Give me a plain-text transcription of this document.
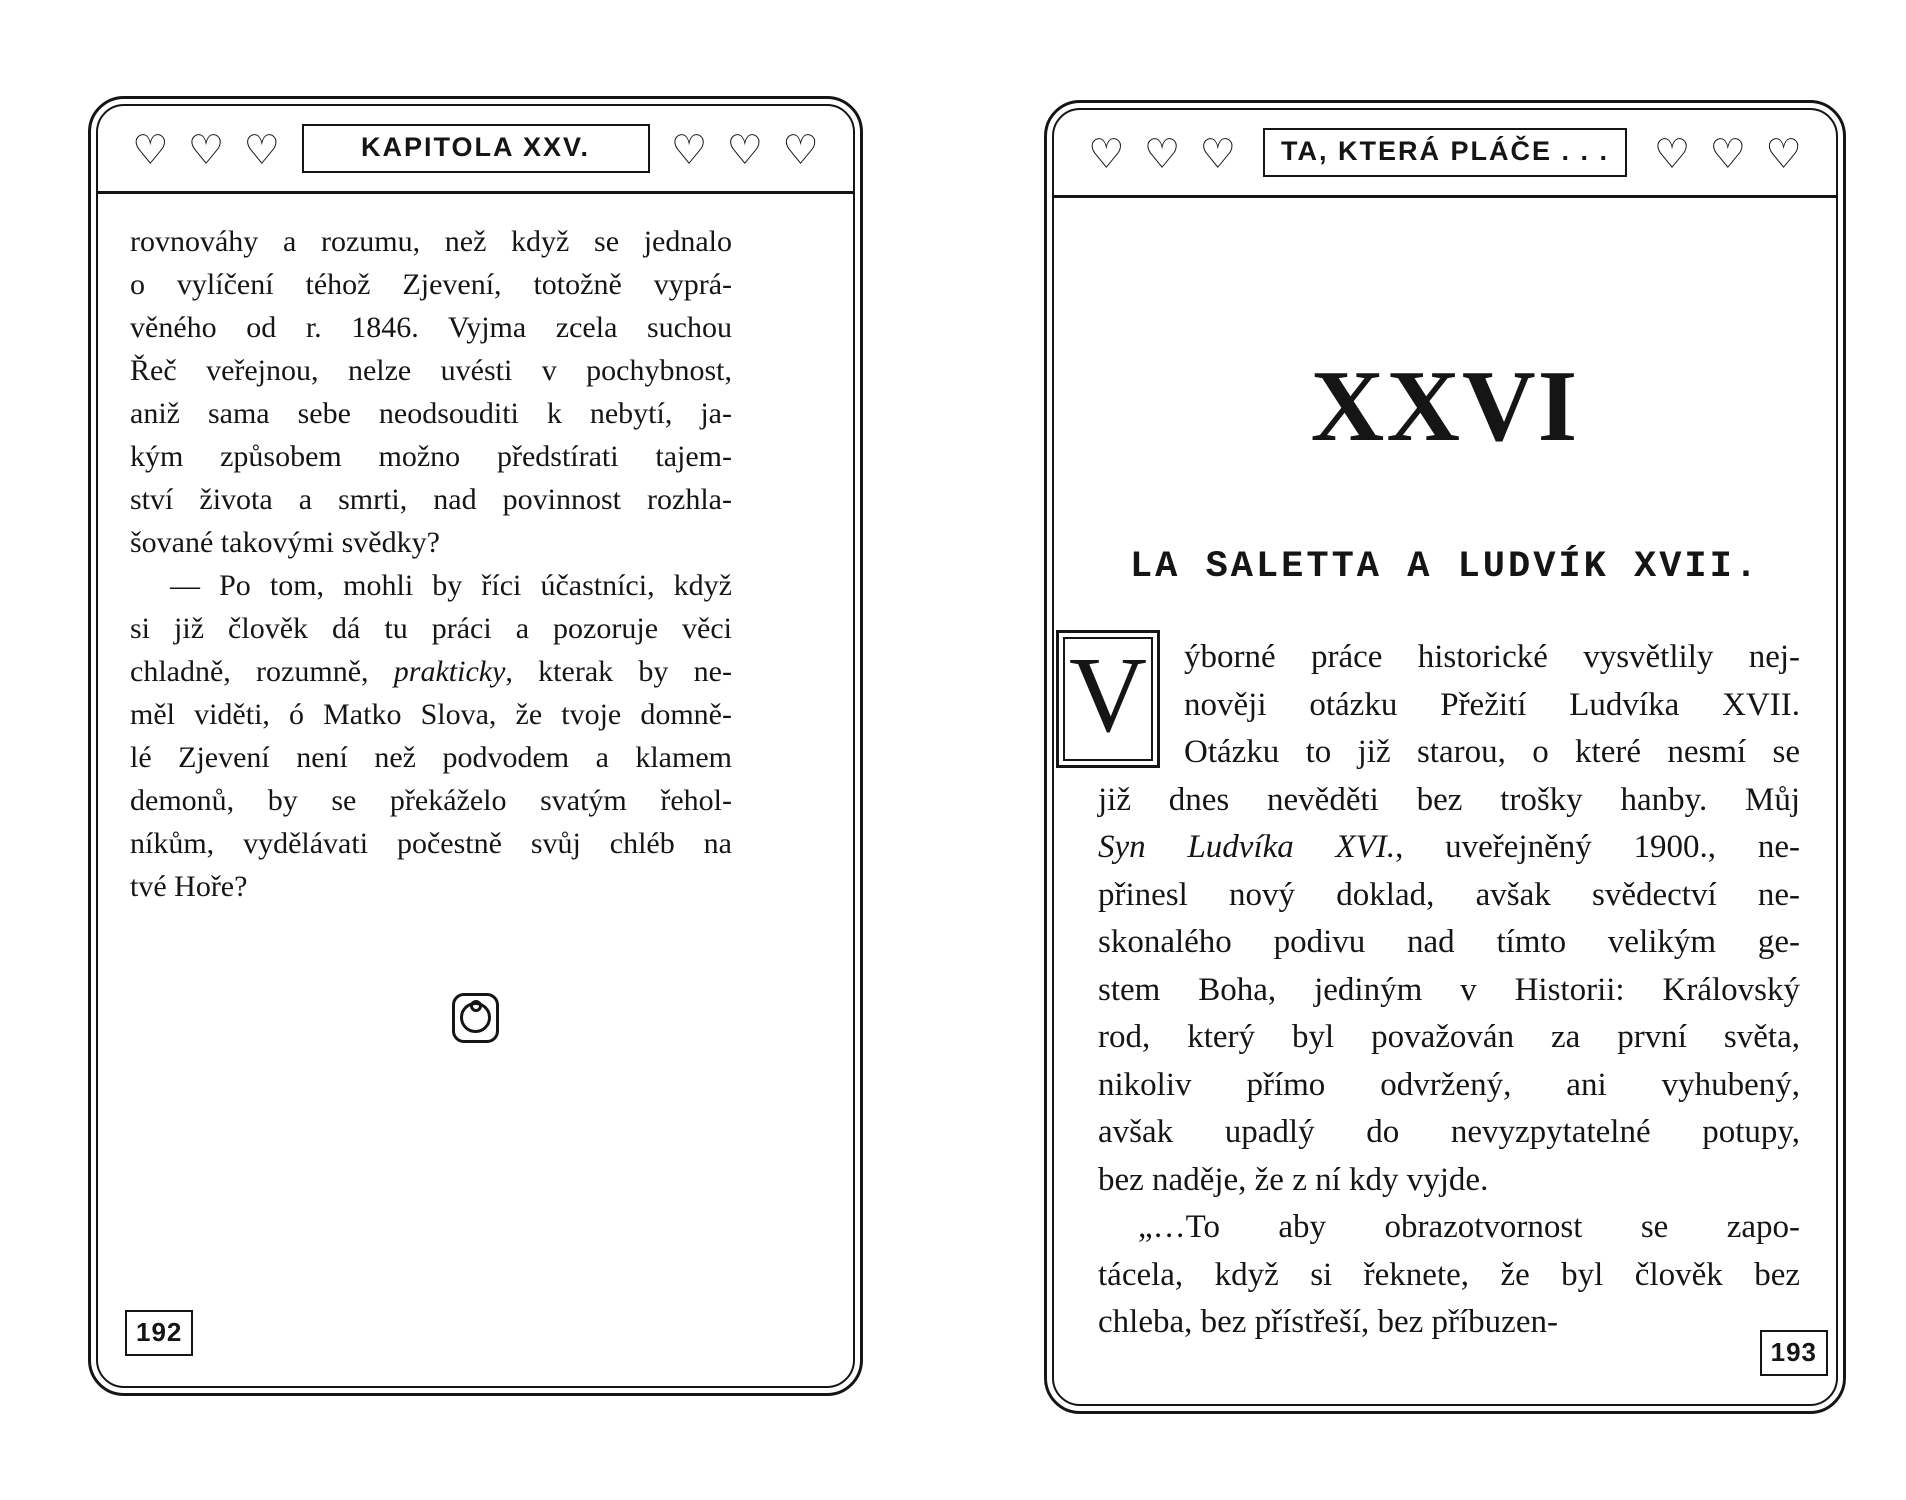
♡ ♡ ♡	KAPITOLA XXV.	♡ ♡ ♡
rovnováhy a rozumu, než když se jednalo
o vylíčení téhož Zjevení, totožně vyprá-
věného od r. 1846. Vyjma zcela suchou
Řeč veřejnou, nelze uvésti v pochybnost,
aniž sama sebe neodsouditi k nebytí, ja-
kým způsobem možno předstírati tajem-
ství života a smrti, nad povinnost rozhla-
šované takovými svědky?
— Po tom, mohli by říci účastníci, když
si již člověk dá tu práci a pozoruje věci
chladně, rozumně, prakticky, kterak by ne-
měl viděti, ó Matko Slova, že tvoje domně-
lé Zjevení není než podvodem a klamem
demonů, by se překáželo svatým řehol-
níkům, vydělávati počestně svůj chléb na
tvé Hoře?
192
♡ ♡ ♡	TA, KTERÁ PLÁČE . . .	♡ ♡ ♡
XXVI
LA SALETTA A LUDVÍK XVII.
V	ýborné práce historické vysvětlily nej-
nověji otázku Přežití Ludvíka XVII.
Otázku to již starou, o které nesmí se
již dnes nevěděti bez trošky hanby. Můj
Syn Ludvíka XVI., uveřejněný 1900., ne-
přinesl nový doklad, avšak svědectví ne-
skonalého podivu nad tímto velikým ge-
stem Boha, jediným v Historii: Královský
rod, který byl považován za první světa,
nikoliv přímo odvržený, ani vyhubený,
avšak upadlý do nevyzpytatelné potupy,
bez naděje, že z ní kdy vyjde.
„…To aby obrazotvornost se zapo-
tácela, když si řeknete, že byl člověk bez
chleba, bez přístřeší, bez příbuzen-
193
